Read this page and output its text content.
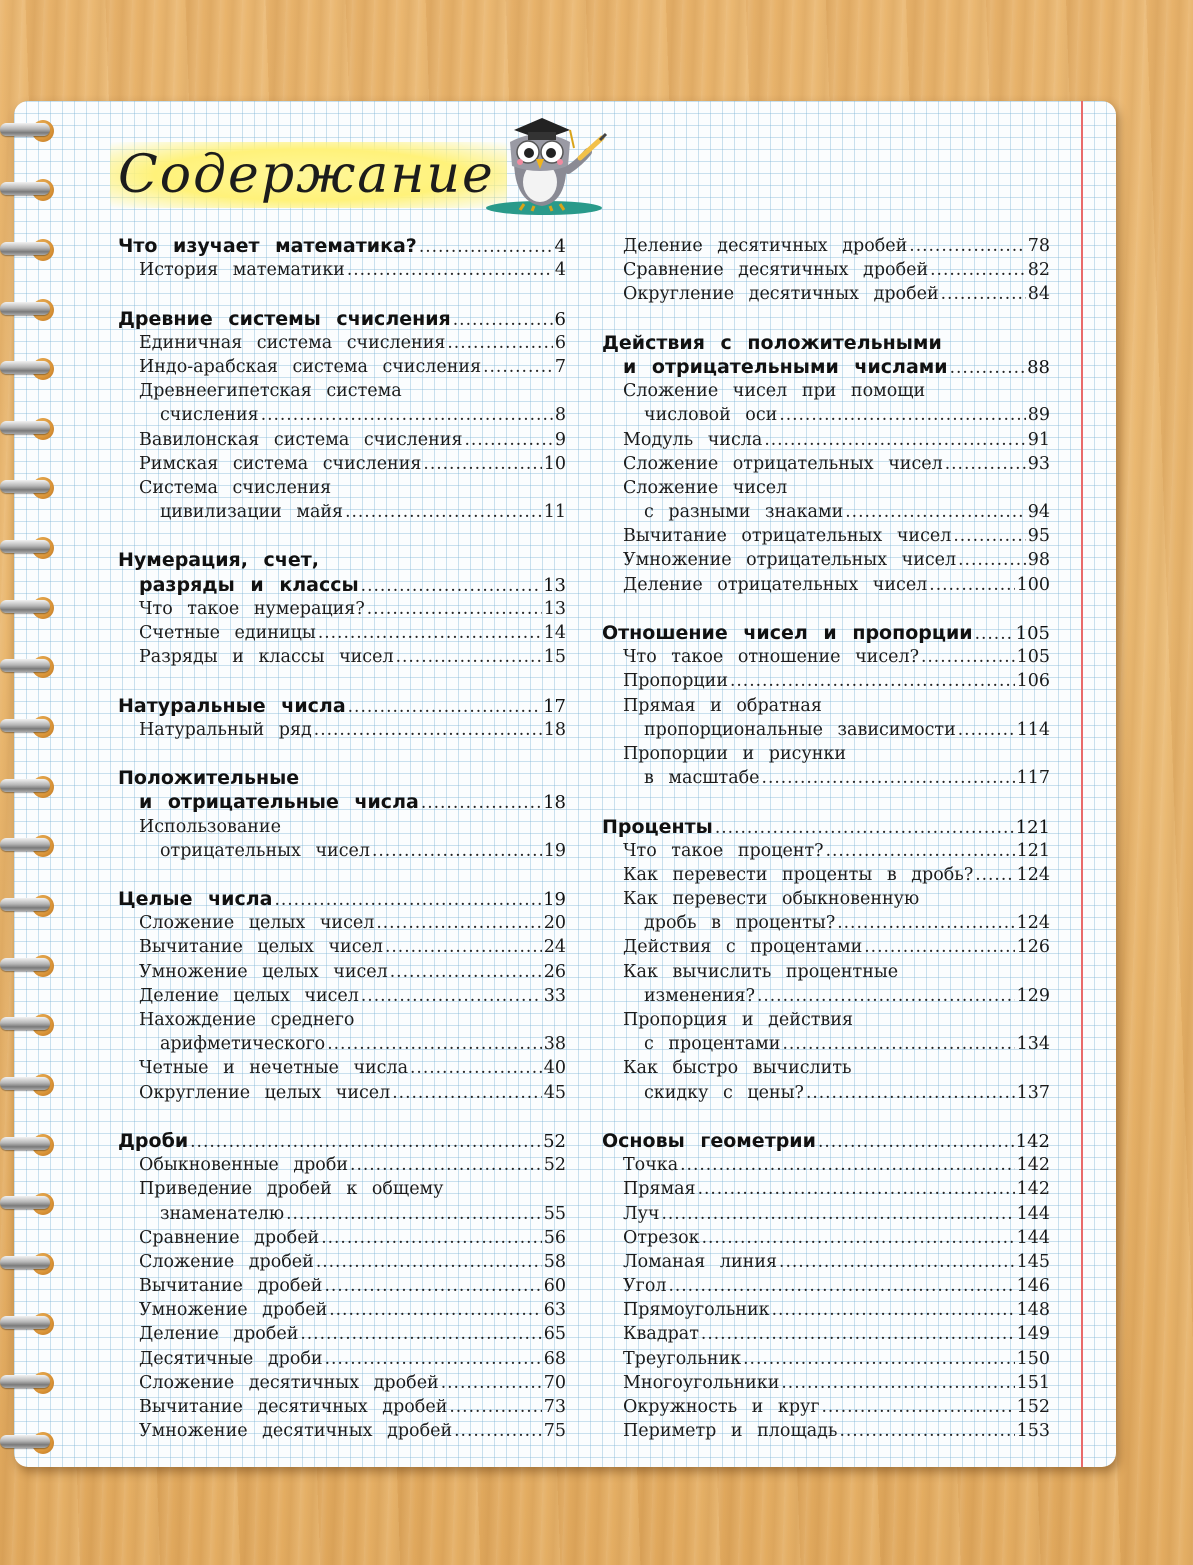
Содержание
Что изучает математика? .....	4
История математики .....	4
Древние системы счисления .....	6
Единичная система счисления .....	6
Индо-арабская система счисления .....	7
Древнеегипетская система
счисления .....	8
Вавилонская система счисления .....	9
Римская система счисления .....	10
Система счисления
цивилизации майя .....	11
Нумерация, счет,
разряды и классы .....	13
Что такое нумерация? .....	13
Счетные единицы .....	14
Разряды и классы чисел .....	15
Натуральные числа .....	17
Натуральный ряд .....	18
Положительные
и отрицательные числа .....	18
Использование
отрицательных чисел .....	19
Целые числа .....	19
Сложение целых чисел .....	20
Вычитание целых чисел .....	24
Умножение целых чисел .....	26
Деление целых чисел .....	33
Нахождение среднего
арифметического .....	38
Четные и нечетные числа .....	40
Округление целых чисел .....	45
Дроби .....	52
Обыкновенные дроби .....	52
Приведение дробей к общему
знаменателю .....	55
Сравнение дробей .....	56
Сложение дробей .....	58
Вычитание дробей .....	60
Умножение дробей .....	63
Деление дробей .....	65
Десятичные дроби .....	68
Сложение десятичных дробей .....	70
Вычитание десятичных дробей .....	73
Умножение десятичных дробей .....	75
Деление десятичных дробей .....	78
Сравнение десятичных дробей .....	82
Округление десятичных дробей .....	84
Действия с положительными
и отрицательными числами .....	88
Сложение чисел при помощи
числовой оси .....	89
Модуль числа .....	91
Сложение отрицательных чисел .....	93
Сложение чисел
с разными знаками .....	94
Вычитание отрицательных чисел .....	95
Умножение отрицательных чисел .....	98
Деление отрицательных чисел .....	100
Отношение чисел и пропорции ..... 105
Что такое отношение чисел? .....	105
Пропорции .....	106
Прямая и обратная
пропорциональные зависимости .....	114
Пропорции и рисунки
в масштабе .....	117
Проценты .....	121
Что такое процент? .....	121
Как перевести проценты в дробь? ..... 124
Как перевести обыкновенную
дробь в проценты? .....	124
Действия с процентами .....	126
Как вычислить процентные
изменения? .....	129
Пропорция и действия
с процентами .....	134
Как быстро вычислить
скидку с цены? .....	137
Основы геометрии .....	142
Точка .....	142
Прямая .....	142
Луч .....	144
Отрезок .....	144
Ломаная линия .....	145
Угол .....	146
Прямоугольник .....	148
Квадрат .....	149
Треугольник .....	150
Многоугольники .....	151
Окружность и круг .....	152
Периметр и площадь .....	153
